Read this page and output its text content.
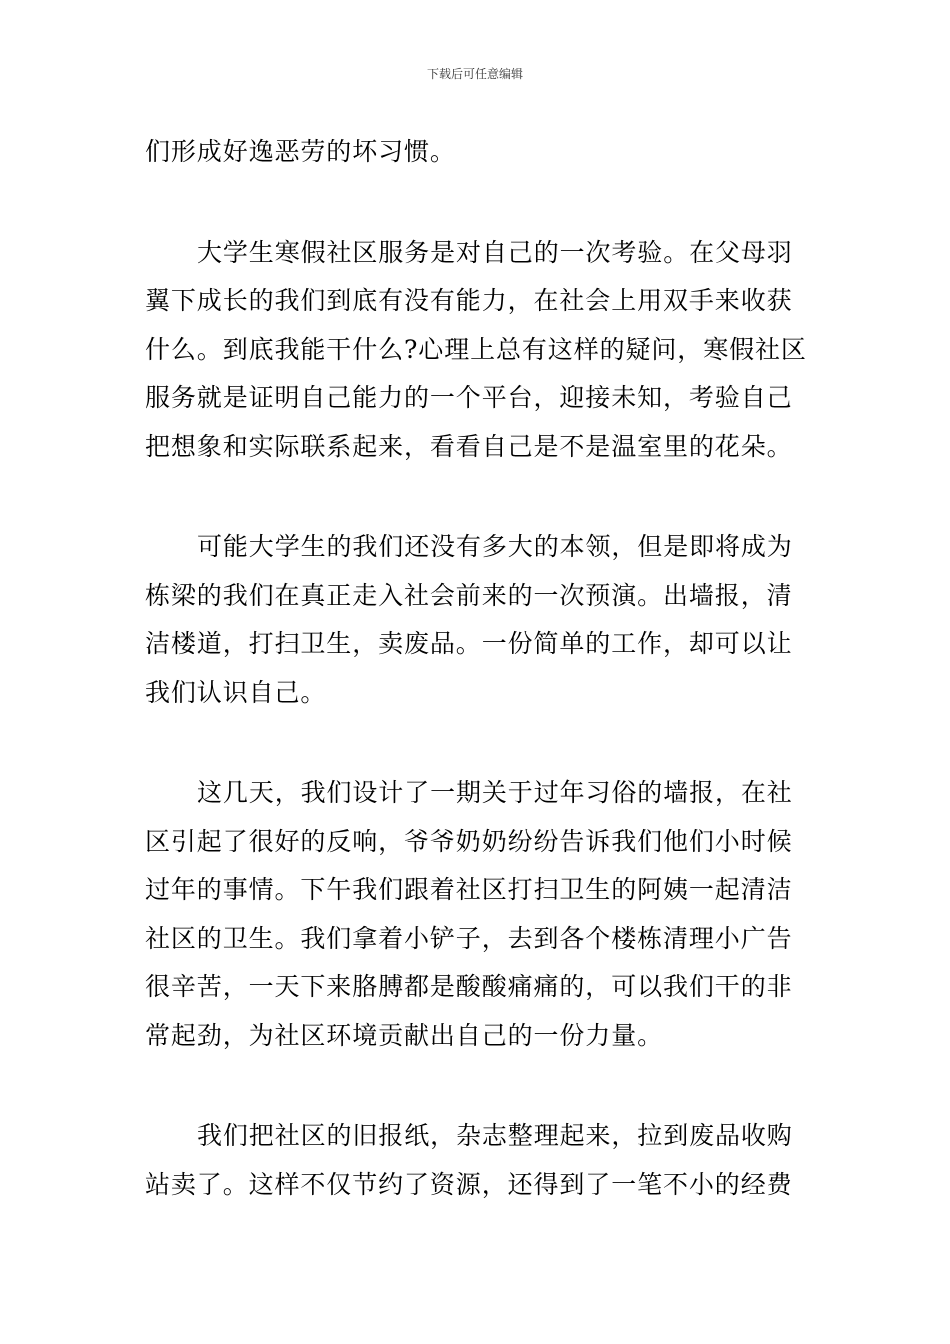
下载后可任意编辑
们形成好逸恶劳的坏习惯。
大学生寒假社区服务是对自己的一次考验。在父母羽
翼下成长的我们到底有没有能力，在社会上用双手来收获
什么。到底我能干什么?心理上总有这样的疑问，寒假社区
服务就是证明自己能力的一个平台，迎接未知，考验自己
把想象和实际联系起来，看看自己是不是温室里的花朵。
可能大学生的我们还没有多大的本领，但是即将成为
栋梁的我们在真正走入社会前来的一次预演。出墙报，清
洁楼道，打扫卫生，卖废品。一份简单的工作，却可以让
我们认识自己。
这几天，我们设计了一期关于过年习俗的墙报，在社
区引起了很好的反响，爷爷奶奶纷纷告诉我们他们小时候
过年的事情。下午我们跟着社区打扫卫生的阿姨一起清洁
社区的卫生。我们拿着小铲子，去到各个楼栋清理小广告
很辛苦，一天下来胳膊都是酸酸痛痛的，可以我们干的非
常起劲，为社区环境贡献出自己的一份力量。
我们把社区的旧报纸，杂志整理起来，拉到废品收购
站卖了。这样不仅节约了资源，还得到了一笔不小的经费
